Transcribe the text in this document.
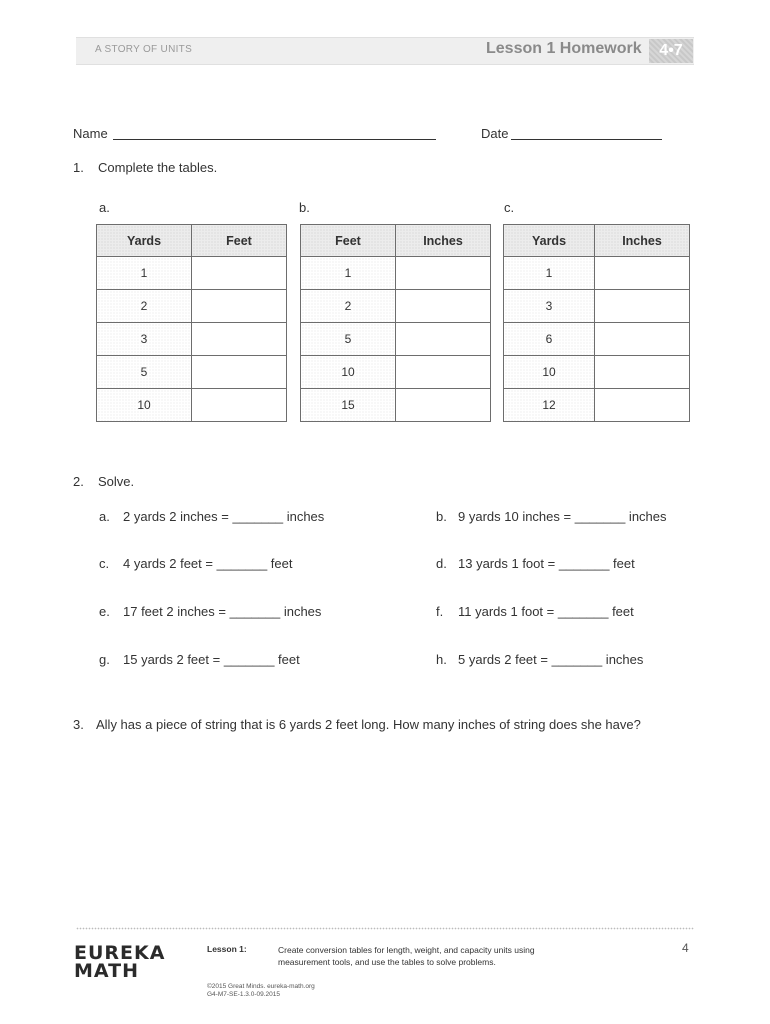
A STORY OF UNITS	Lesson 1 Homework	4•7
Name	Date
1. Complete the tables.
a.	b.	c.
Yards	Feet
1	
2	
3	
5	
10	
Feet	Inches
1	
2	
5	
10	
15	
Yards	Inches
1	
3	
6	
10	
12	
2. Solve.
a. 2 yards 2 inches = _______ inches	b. 9 yards 10 inches = _______ inches
c. 4 yards 2 feet = _______ feet	d. 13 yards 1 foot = _______ feet
e. 17 feet 2 inches = _______ inches	f. 11 yards 1 foot = _______ feet
g. 15 yards 2 feet = _______ feet	h. 5 yards 2 feet = _______ inches
3. Ally has a piece of string that is 6 yards 2 feet long. How many inches of string does she have?
EUREKA
MATH
Lesson 1:	Create conversion tables for length, weight, and capacity units using measurement tools, and use the tables to solve problems.
4
©2015 Great Minds. eureka-math.org
G4-M7-SE-1.3.0-09.2015
